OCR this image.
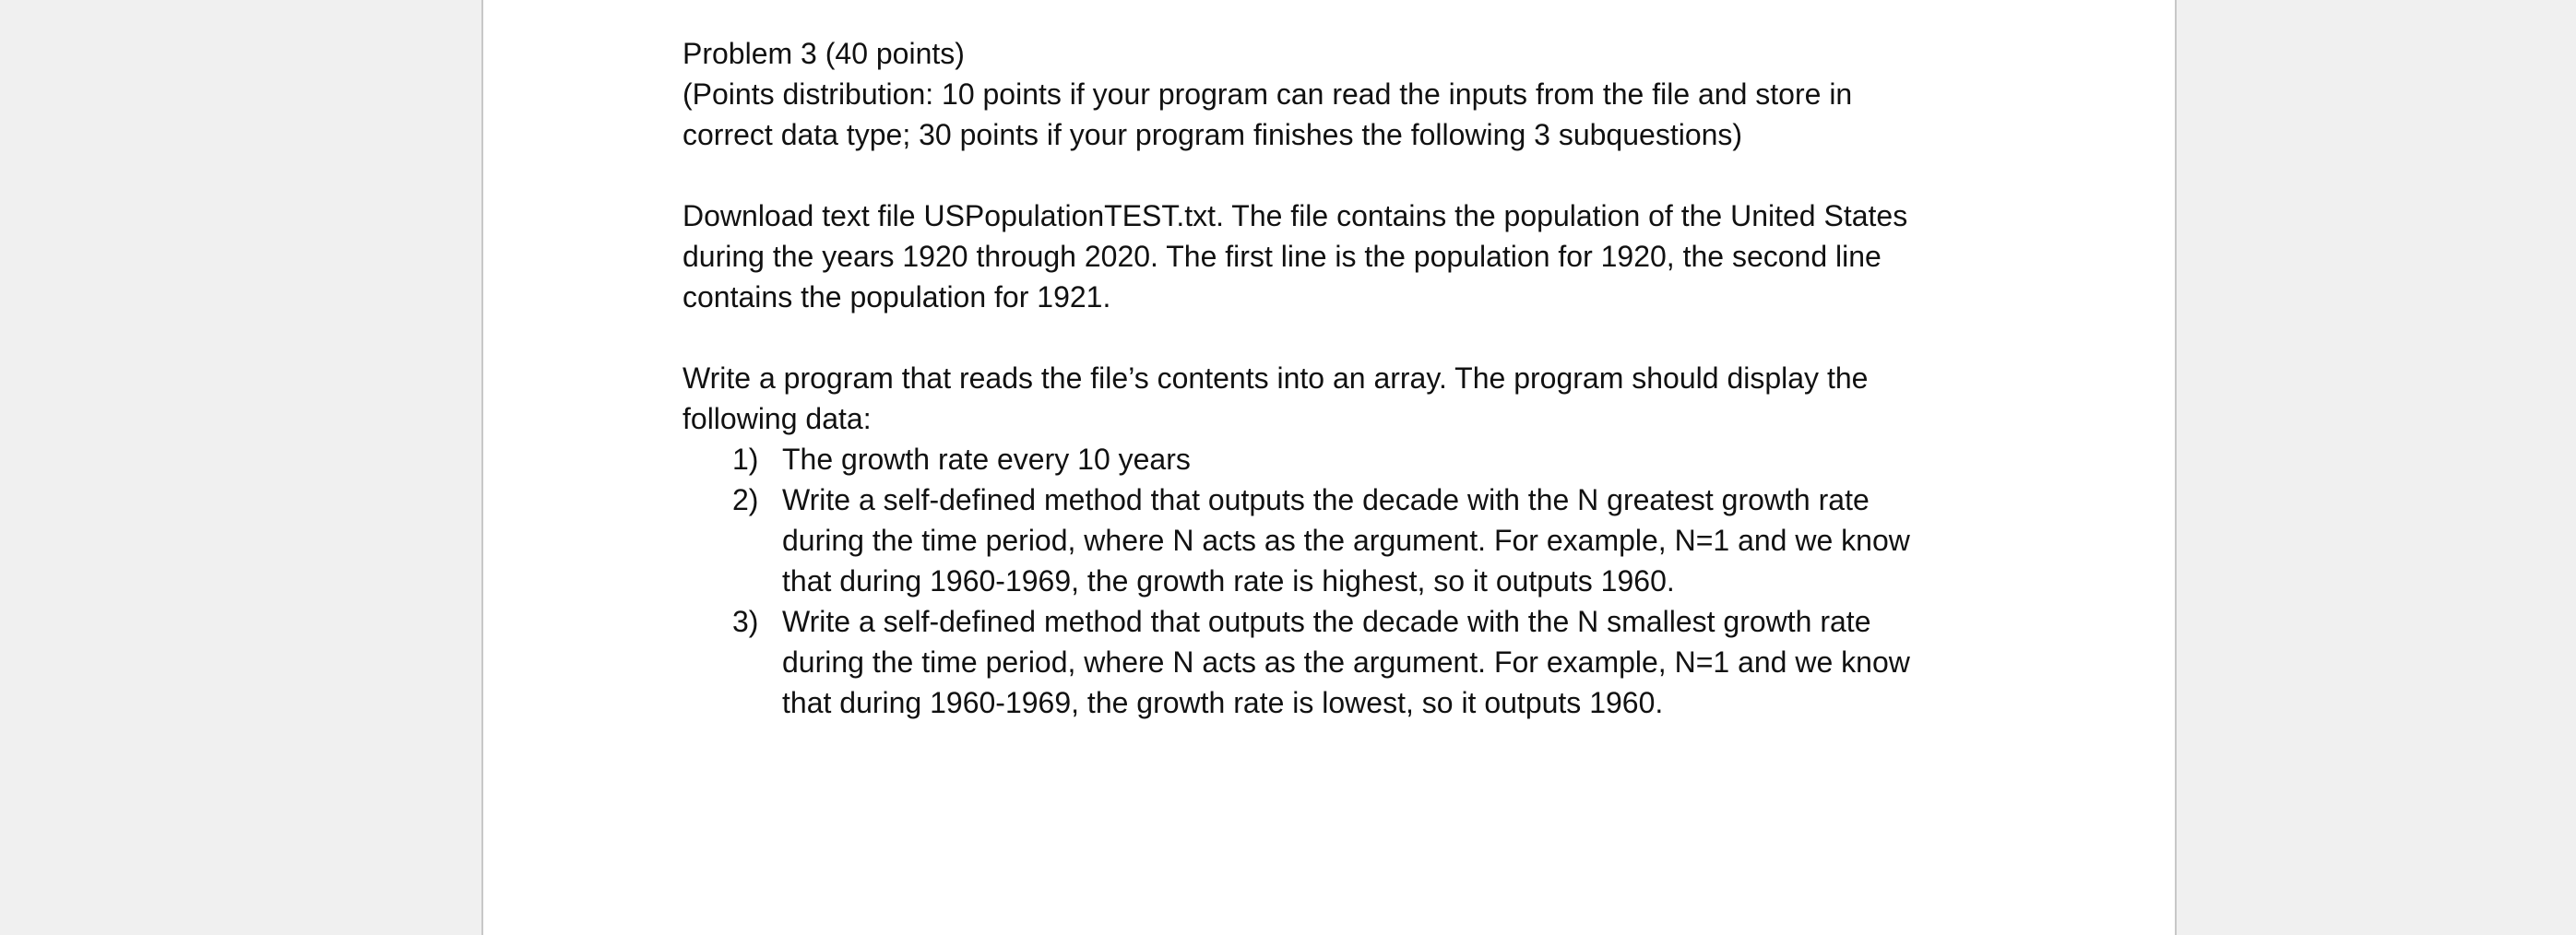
Problem 3 (40 points)

(Points distribution: 10 points if your program can read the inputs from the file and store in
correct data type; 30 points if your program finishes the following 3 subquestions)

Download text file USPopulationTEST.txt. The file contains the population of the United States
during the years 1920 through 2020. The first line is the population for 1920, the second line
contains the population for 1921.

Write a program that reads the file’s contents into an array. The program should display the
following data:

1) The growth rate every 10 years
2) Write a self-defined method that outputs the decade with the N greatest growth rate
during the time period, where N acts as the argument. For example, N=1 and we know
that during 1960-1969, the growth rate is highest, so it outputs 1960.
3) Write a self-defined method that outputs the decade with the N smallest growth rate
during the time period, where N acts as the argument. For example, N=1 and we know
that during 1960-1969, the growth rate is lowest, so it outputs 1960.
